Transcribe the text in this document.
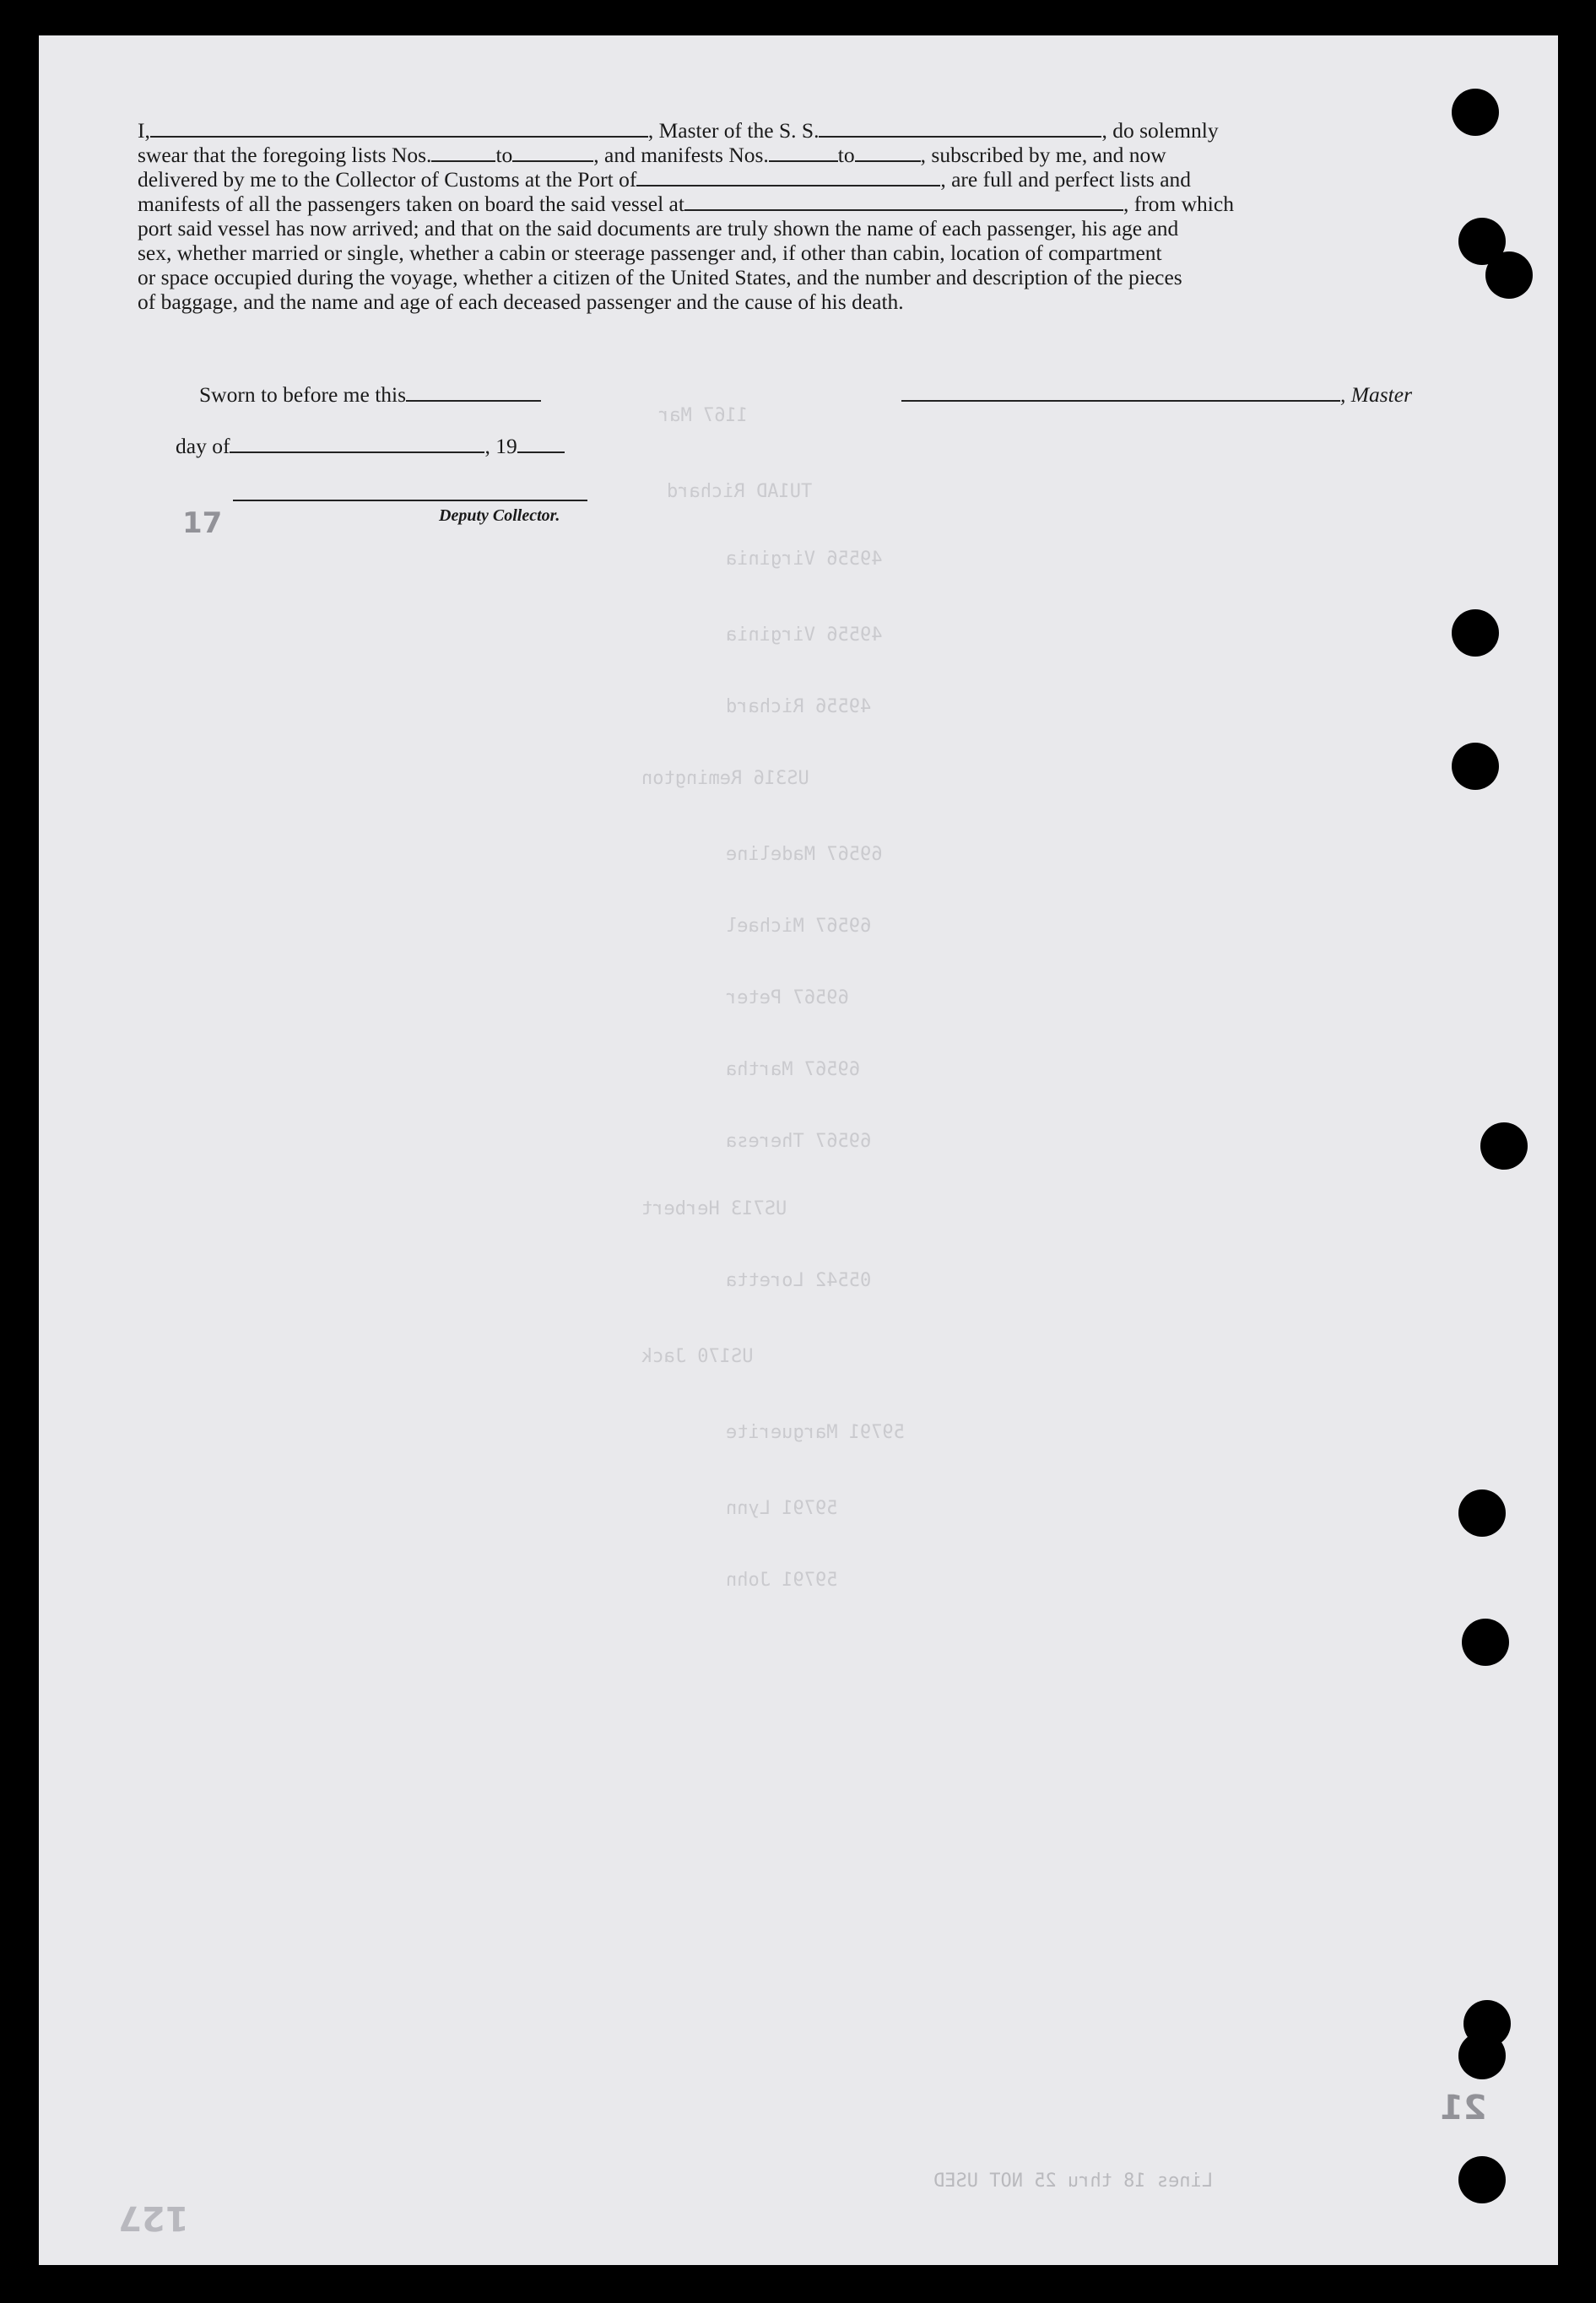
I,	, Master of the S. S.	, do solemnly
swear that the foregoing lists Nos.	to	, and manifests Nos.	to	, subscribed by me, and now
delivered by me to the Collector of Customs at the Port of	, are full and perfect lists and
manifests of all the passengers taken on board the said vessel at	, from which
port said vessel has now arrived; and that on the said documents are truly shown the name of each passenger, his age and
sex, whether married or single, whether a cabin or steerage passenger and, if other than cabin, location of compartment
or space occupied during the voyage, whether a citizen of the United States, and the number and description of the pieces
of baggage, and the name and age of each deceased passenger and the cause of his death.
Sworn to before me this	, Master
day of	, 19
Deputy Collector.
17
21
127
1167 Mar
TU1AD Richard
49556 Virginia
49556 Virginia
49556 Richard
US316 Remington
69567 Madeline
69567 Michael
69567 Peter
69567 Martha
69567 Theresa
US713 Herbert
05542 Loretta
US170 Jack
59791 Marguerite
59791 Lynn
59791 John
Lines 18 thru 25 NOT USED
